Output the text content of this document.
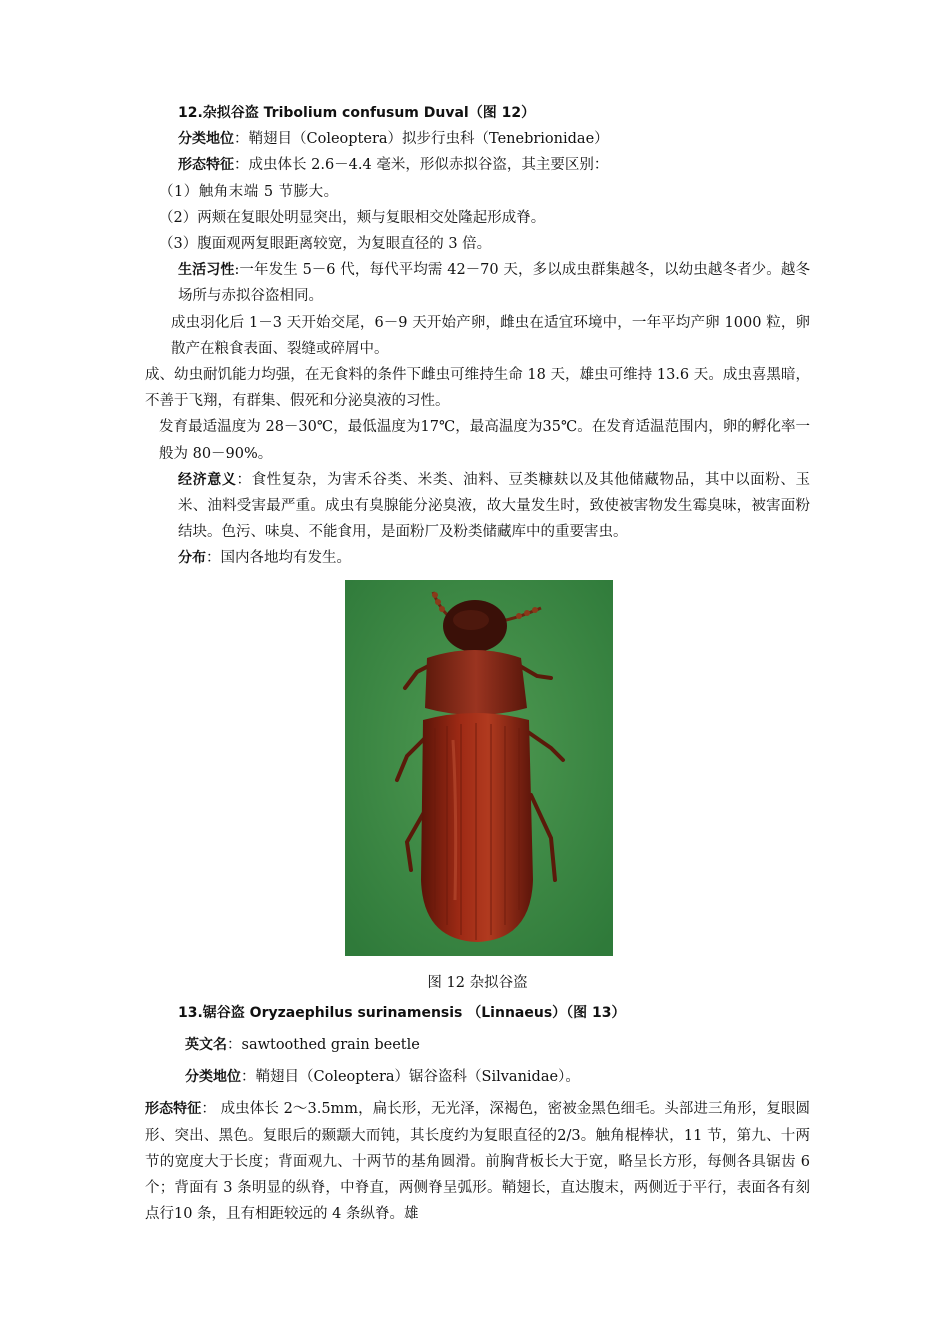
12.杂拟谷盗 Tribolium confusum Duval（图 12）

分类地位：鞘翅目（Coleoptera）拟步行虫科（Tenebrionidae）

形态特征：成虫体长 2.6－4.4 毫米，形似赤拟谷盗，其主要区别：

（1）触角末端 5 节膨大。

（2）两颊在复眼处明显突出，颊与复眼相交处隆起形成脊。

（3）腹面观两复眼距离较宽，为复眼直径的 3 倍。

生活习性:一年发生 5－6 代，每代平均需 42－70 天，多以成虫群集越冬，以幼虫越冬者少。越冬场所与赤拟谷盗相同。

成虫羽化后 1－3 天开始交尾，6－9 天开始产卵，雌虫在适宜环境中，一年平均产卵 1000 粒，卵散产在粮食表面、裂缝或碎屑中。

成、幼虫耐饥能力均强，在无食料的条件下雌虫可维持生命 18 天，雄虫可维持 13.6 天。成虫喜黑暗，不善于飞翔，有群集、假死和分泌臭液的习性。

发育最适温度为 28－30℃，最低温度为17℃，最高温度为35℃。在发育适温范围内，卵的孵化率一般为 80－90%。

经济意义：食性复杂，为害禾谷类、米类、油料、豆类糠麸以及其他储藏物品，其中以面粉、玉米、油料受害最严重。成虫有臭腺能分泌臭液，故大量发生时，致使被害物发生霉臭味，被害面粉结块。色污、味臭、不能食用，是面粉厂及粉类储藏库中的重要害虫。

分布：国内各地均有发生。

图 12 杂拟谷盗

13.锯谷盗 Oryzaephilus surinamensis （Linnaeus）（图 13）

英文名：sawtoothed grain beetle

分类地位：鞘翅目（Coleoptera）锯谷盗科（Silvanidae）。

形态特征： 成虫体长 2～3.5mm，扁长形，无光泽，深褐色，密被金黑色细毛。头部进三角形，复眼圆形、突出、黑色。复眼后的颞颥大而钝，其长度约为复眼直径的2/3。触角棍棒状，11 节，第九、十两节的宽度大于长度；背面观九、十两节的基角圆滑。前胸背板长大于宽，略呈长方形，每侧各具锯齿 6 个；背面有 3 条明显的纵脊，中脊直，两侧脊呈弧形。鞘翅长，直达腹末，两侧近于平行，表面各有刻点行10 条，且有相距较远的 4 条纵脊。雄
